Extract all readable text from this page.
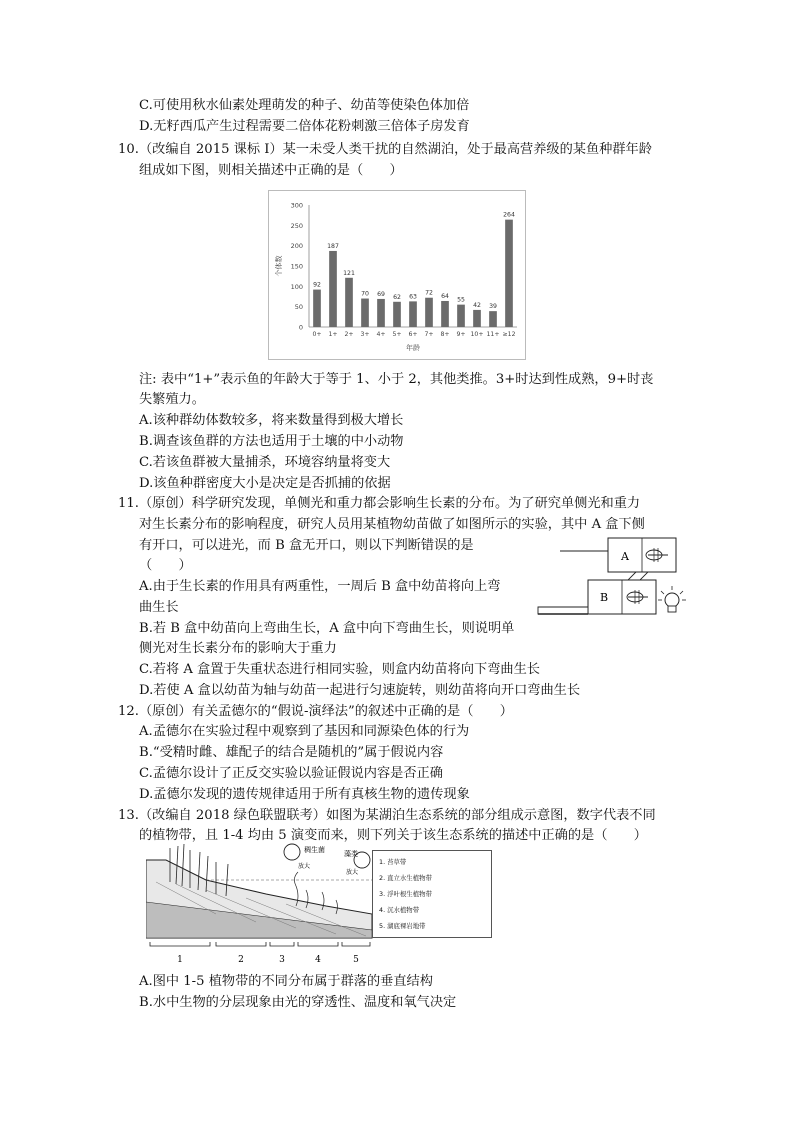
C.可使用秋水仙素处理萌发的种子、幼苗等使染色体加倍
D.无籽西瓜产生过程需要二倍体花粉刺激三倍体子房发育
10.（改编自 2015 课标 I）某一未受人类干扰的自然湖泊，处于最高营养级的某鱼种群年龄
组成如下图，则相关描述中正确的是（　　）
0
50
100
150
200
250
300
个体数
92
0+
187
1+
121
2+
70
3+
69
4+
62
5+
63
6+
72
7+
64
8+
55
9+
42
10+
39
11+
264
≥12
年龄
注: 表中“1+”表示鱼的年龄大于等于 1、小于 2，其他类推。3+时达到性成熟，9+时丧
失繁殖力。
A.该种群幼体数较多，将来数量得到极大增长
B.调查该鱼群的方法也适用于土壤的中小动物
C.若该鱼群被大量捕杀，环境容纳量将变大
D.该鱼种群密度大小是决定是否抓捕的依据
11.（原创）科学研究发现，单侧光和重力都会影响生长素的分布。为了研究单侧光和重力
对生长素分布的影响程度，研究人员用某植物幼苗做了如图所示的实验，其中 A 盒下侧
有开口，可以进光，而 B 盒无开口，则以下判断错误的是
（　　）
A
B
A.由于生长素的作用具有两重性，一周后 B 盒中幼苗将向上弯
曲生长
B.若 B 盒中幼苗向上弯曲生长，A 盒中向下弯曲生长，则说明单
侧光对生长素分布的影响大于重力
C.若将 A 盒置于失重状态进行相同实验，则盒内幼苗将向下弯曲生长
D.若使 A 盒以幼苗为轴与幼苗一起进行匀速旋转，则幼苗将向开口弯曲生长
12.（原创）有关孟德尔的“假说-演绎法”的叙述中正确的是（　　）
A.孟德尔在实验过程中观察到了基因和同源染色体的行为
B.“受精时雌、雄配子的结合是随机的”属于假说内容
C.孟德尔设计了正反交实验以验证假说内容是否正确
D.孟德尔发现的遗传规律适用于所有真核生物的遗传现象
13.（改编自 2018 绿色联盟联考）如图为某湖泊生态系统的部分组成示意图，数字代表不同
的植物带，且 1-4 均由 5 演变而来，则下列关于该生态系统的描述中正确的是（　　）
稠生菌
放大
藻类
放大
1	2	3	4	5
1. 苔草带
2. 直立水生植物带
3. 浮叶根生植物带
4. 沉水植物带
5. 湖底裸岩地带
A.图中 1-5 植物带的不同分布属于群落的垂直结构
B.水中生物的分层现象由光的穿透性、温度和氧气决定
